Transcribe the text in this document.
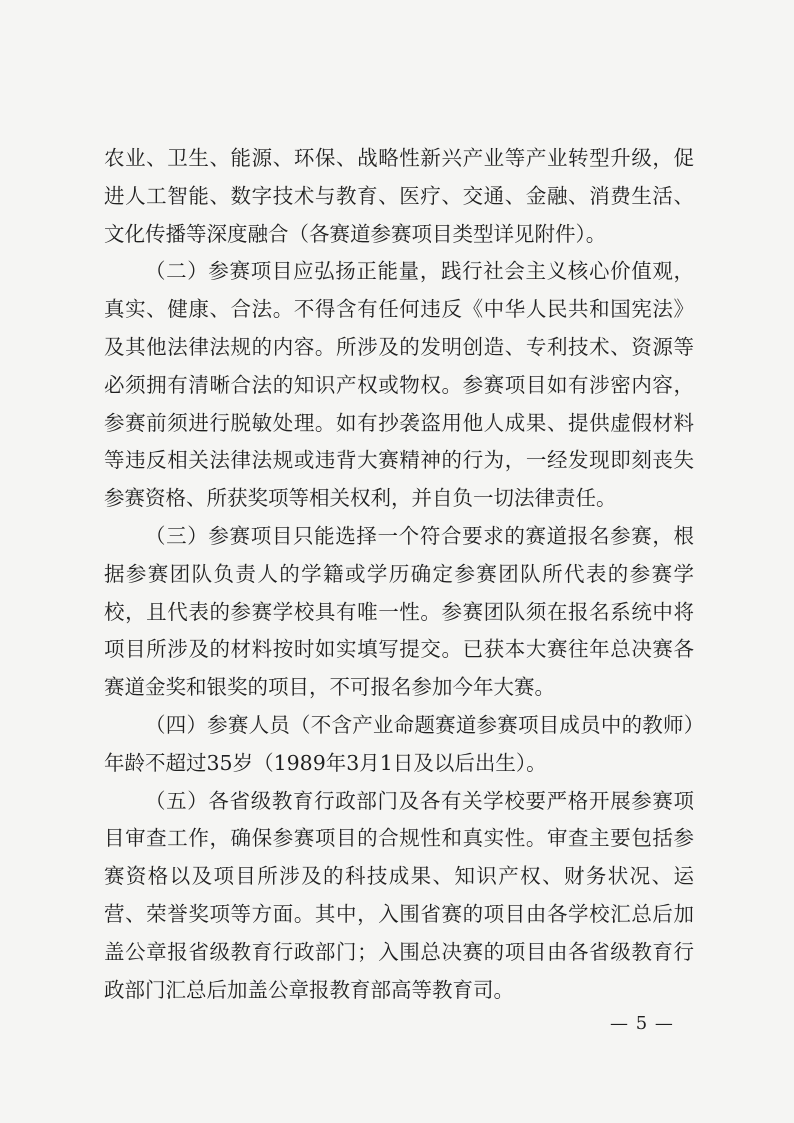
农业、卫生、能源、环保、战略性新兴产业等产业转型升级，促进人工智能、数字技术与教育、医疗、交通、金融、消费生活、文化传播等深度融合（各赛道参赛项目类型详见附件）。

（二）参赛项目应弘扬正能量，践行社会主义核心价值观，真实、健康、合法。不得含有任何违反《中华人民共和国宪法》及其他法律法规的内容。所涉及的发明创造、专利技术、资源等必须拥有清晰合法的知识产权或物权。参赛项目如有涉密内容，参赛前须进行脱敏处理。如有抄袭盗用他人成果、提供虚假材料等违反相关法律法规或违背大赛精神的行为，一经发现即刻丧失参赛资格、所获奖项等相关权利，并自负一切法律责任。

（三）参赛项目只能选择一个符合要求的赛道报名参赛，根据参赛团队负责人的学籍或学历确定参赛团队所代表的参赛学校，且代表的参赛学校具有唯一性。参赛团队须在报名系统中将项目所涉及的材料按时如实填写提交。已获本大赛往年总决赛各赛道金奖和银奖的项目，不可报名参加今年大赛。

（四）参赛人员（不含产业命题赛道参赛项目成员中的教师）年龄不超过35岁（1989年3月1日及以后出生）。

（五）各省级教育行政部门及各有关学校要严格开展参赛项目审查工作，确保参赛项目的合规性和真实性。审查主要包括参赛资格以及项目所涉及的科技成果、知识产权、财务状况、运营、荣誉奖项等方面。其中，入围省赛的项目由各学校汇总后加盖公章报省级教育行政部门；入围总决赛的项目由各省级教育行政部门汇总后加盖公章报教育部高等教育司。

— 5 —
